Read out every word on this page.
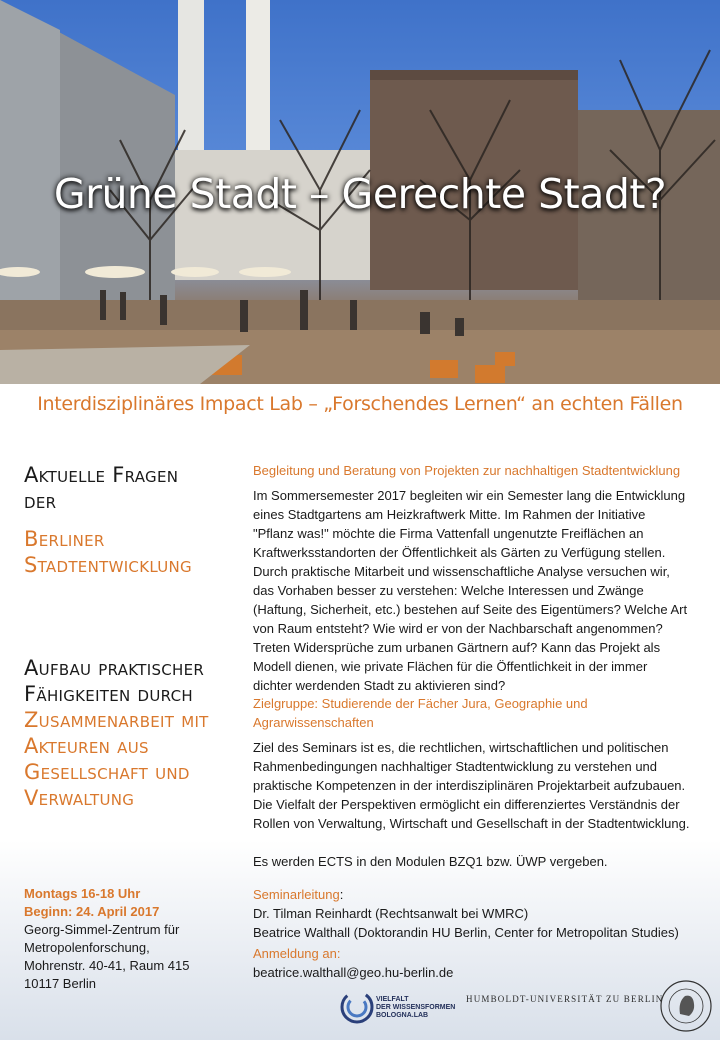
Grüne Stadt – Gerechte Stadt?
Interdisziplinäres Impact Lab – „Forschendes Lernen“ an echten Fällen
Aktuelle Fragen
der
Berliner
Stadtentwicklung
Aufbau praktischer
Fähigkeiten durch
Zusammenarbeit mit
Akteuren aus
Gesellschaft und
Verwaltung
Montags 16-18 Uhr
Beginn: 24. April 2017
Georg-Simmel-Zentrum für
Metropolenforschung,
Mohrenstr. 40-41, Raum 415
10117 Berlin
Begleitung und Beratung von Projekten zur nachhaltigen Stadtentwicklung
Im Sommersemester 2017 begleiten wir ein Semester lang die Entwicklung
eines Stadtgartens am Heizkraftwerk Mitte. Im Rahmen der Initiative
"Pflanz was!" möchte die Firma Vattenfall ungenutzte Freiflächen an
Kraftwerksstandorten der Öffentlichkeit als Gärten zu Verfügung stellen.
Durch praktische Mitarbeit und wissenschaftliche Analyse versuchen wir,
das Vorhaben besser zu verstehen: Welche Interessen und Zwänge
(Haftung, Sicherheit, etc.) bestehen auf Seite des Eigentümers? Welche Art
von Raum entsteht? Wie wird er von der Nachbarschaft angenommen?
Treten Widersprüche zum urbanen Gärtnern auf? Kann das Projekt als
Modell dienen, wie private Flächen für die Öffentlichkeit in der immer
dichter werdenden Stadt zu aktivieren sind?
Zielgruppe: Studierende der Fächer Jura, Geographie und
Agrarwissenschaften
Ziel des Seminars ist es, die rechtlichen, wirtschaftlichen und politischen
Rahmenbedingungen nachhaltiger Stadtentwicklung zu verstehen und
praktische Kompetenzen in der interdisziplinären Projektarbeit aufzubauen.
Die Vielfalt der Perspektiven ermöglicht ein differenziertes Verständnis der
Rollen von Verwaltung, Wirtschaft und Gesellschaft in der Stadtentwicklung.
Es werden ECTS in den Modulen BZQ1 bzw. ÜWP vergeben.
Seminarleitung:
Dr. Tilman Reinhardt (Rechtsanwalt bei WMRC)
Beatrice Walthall (Doktorandin HU Berlin, Center for Metropolitan Studies)
Anmeldung an:
beatrice.walthall@geo.hu-berlin.de
VIELFALT
DER WISSENSFORMEN
BOLOGNA.LAB
HUMBOLDT-UNIVERSITÄT ZU BERLIN
